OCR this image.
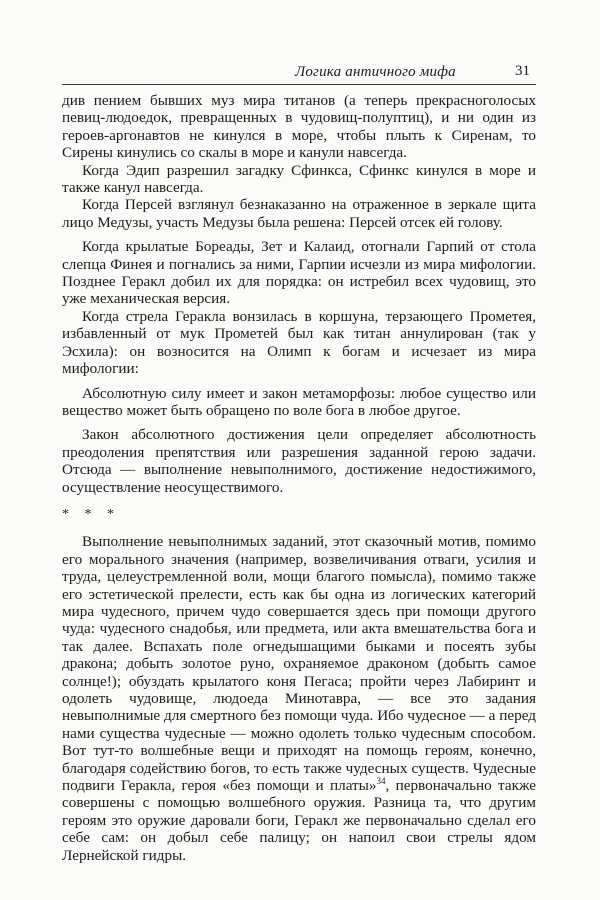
Логика античного мифа	31

див пением бывших муз мира титанов (а теперь прекрасноголосых певиц-людоедок, превращенных в чудовищ-полуптиц), и ни один из героев-аргонавтов не кинулся в море, чтобы плыть к Сиренам, то Сирены кинулись со скалы в море и канули навсегда.

Когда Эдип разрешил загадку Сфинкса, Сфинкс кинулся в море и также канул навсегда.

Когда Персей взглянул безнаказанно на отраженное в зеркале щита лицо Медузы, участь Медузы была решена: Персей отсек ей голову.

Когда крылатые Бореады, Зет и Калаид, отогнали Гарпий от стола слепца Финея и погнались за ними, Гарпии исчезли из мира мифологии. Позднее Геракл добил их для порядка: он истребил всех чудовищ, это уже механическая версия.

Когда стрела Геракла вонзилась в коршуна, терзающего Прометея, избавленный от мук Прометей был как титан аннулирован (так у Эсхила): он возносится на Олимп к богам и исчезает из мира мифологии:

Абсолютную силу имеет и закон метаморфозы: любое существо или вещество может быть обращено по воле бога в любое другое.

Закон абсолютного достижения цели определяет абсолютность преодоления препятствия или разрешения заданной герою задачи. Отсюда — выполнение невыполнимого, достижение недостижимого, осуществление неосуществимого.

* * *

Выполнение невыполнимых заданий, этот сказочный мотив, помимо его морального значения (например, возвеличивания отваги, усилия и труда, целеустремленной воли, мощи благого помысла), помимо также его эстетической прелести, есть как бы одна из логических категорий мира чудесного, причем чудо совершается здесь при помощи другого чуда: чудесного снадобья, или предмета, или акта вмешательства бога и так далее. Вспахать поле огнедышащими быками и посеять зубы дракона; добыть золотое руно, охраняемое драконом (добыть самое солнце!); обуздать крылатого коня Пегаса; пройти через Лабиринт и одолеть чудовище, людоеда Минотавра, — все это задания невыполнимые для смертного без помощи чуда. Ибо чудесное — а перед нами существа чудесные — можно одолеть только чудесным способом. Вот тут-то волшебные вещи и приходят на помощь героям, конечно, благодаря содействию богов, то есть также чудесных существ. Чудесные подвиги Геракла, героя «без помощи и платы»$^{34}$, первоначально также совершены с помощью волшебного оружия. Разница та, что другим героям это оружие даровали боги, Геракл же первоначально сделал его себе сам: он добыл себе палицу; он напоил свои стрелы ядом Лернейской гидры.
